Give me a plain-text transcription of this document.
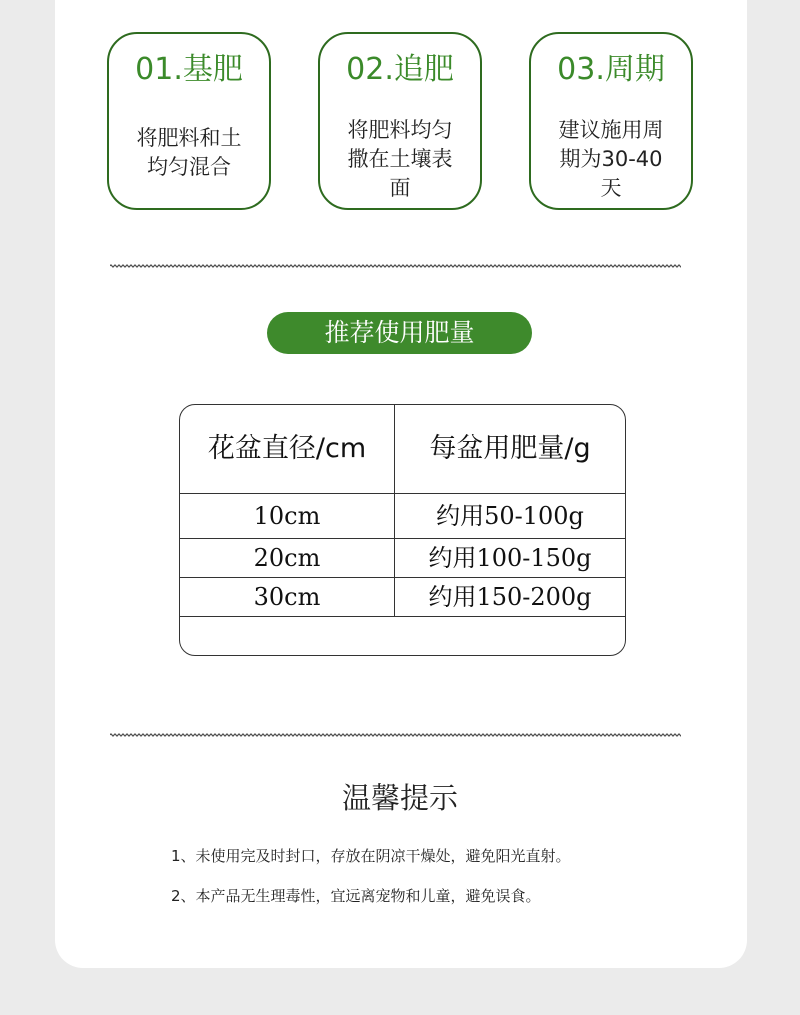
01.基肥
将肥料和土
均匀混合
02.追肥
将肥料均匀
撒在土壤表
面
03.周期
建议施用周
期为30-40
天
推荐使用肥量
花盆直径/cm	每盆用肥量/g
10cm	约用50-100g
20cm	约用100-150g
30cm	约用150-200g
温馨提示
1、未使用完及时封口，存放在阴凉干燥处，避免阳光直射。
2、本产品无生理毒性，宜远离宠物和儿童，避免误食。
